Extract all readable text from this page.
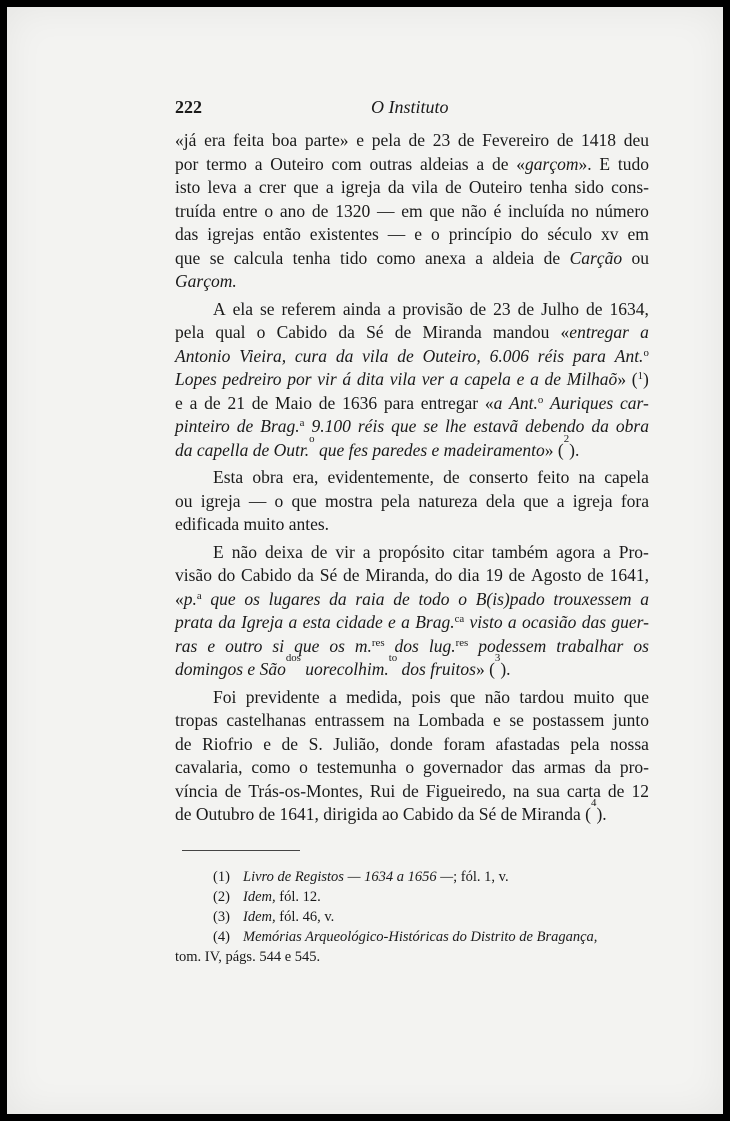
222	O Instituto
«já era feita boa parte» e pela de 23 de Fevereiro de 1418 deu
por termo a Outeiro com outras aldeias a de «garçom». E tudo
isto leva a crer que a igreja da vila de Outeiro tenha sido cons-
truída entre o ano de 1320 — em que não é incluída no número
das igrejas então existentes — e o princípio do século xv em
que se calcula tenha tido como anexa a aldeia de Carção ou
Garçom.
A ela se referem ainda a provisão de 23 de Julho de 1634,
pela qual o Cabido da Sé de Miranda mandou «entregar a
Antonio Vieira, cura da vila de Outeiro, 6.006 réis para Ant.o
Lopes pedreiro por vir á dita vila ver a capela e a de Milhaõ» (1)
e a de 21 de Maio de 1636 para entregar «a Ant.o Auriques car-
pinteiro de Brag.a 9.100 réis que se lhe estavã debendo da obra
da capella de Outr.
o

que fes paredes e madeiramento » (
2
).
Esta obra era, evidentemente, de conserto feito na capela
ou igreja — o que mostra pela natureza dela que a igreja fora
edificada muito antes.
E não deixa de vir a propósito citar também agora a Pro-
visão do Cabido da Sé de Miranda, do dia 19 de Agosto de 1641,
«p.a que os lugares da raia de todo o B(is)pado trouxessem a
prata da Igreja a esta cidade e a Brag.ca visto a ocasião das guer-
ras e outro si que os m.res dos lug.res podessem trabalhar os
domingos e São
dos

uorecolhim.
to

dos fruitos » (
3
).
Foi previdente a medida, pois que não tardou muito que
tropas castelhanas entrassem na Lombada e se postassem junto
de Riofrio e de S. Julião, donde foram afastadas pela nossa
cavalaria, como o testemunha o governador das armas da pro-
víncia de Trás-os-Montes, Rui de Figueiredo, na sua carta de 12
de Outubro de 1641, dirigida ao Cabido da Sé de Miranda (
4
).
(1) Livro de Registos — 1634 a 1656 —; fól. 1, v.
(2) Idem, fól. 12.
(3) Idem, fól. 46, v.
(4) Memórias Arqueológico-Históricas do Distrito de Bragança,
tom. IV, págs. 544 e 545.
